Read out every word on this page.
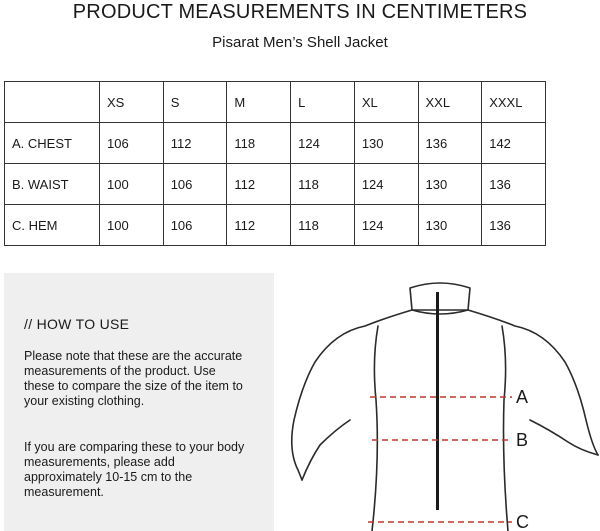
PRODUCT MEASUREMENTS IN CENTIMETERS
Pisarat Men’s Shell Jacket
	XS	S	M	L	XL	XXL	XXXL
A. CHEST	106	112	118	124	130	136	142
B. WAIST	100	106	112	118	124	130	136
C. HEM	100	106	112	118	124	130	136
// HOW TO USE

Please note that these are the accurate measurements of the product. Use these to compare the size of the item to your existing clothing.

If you are comparing these to your body measurements, please add approximately 10-15 cm to the measurement.

A
B
C
